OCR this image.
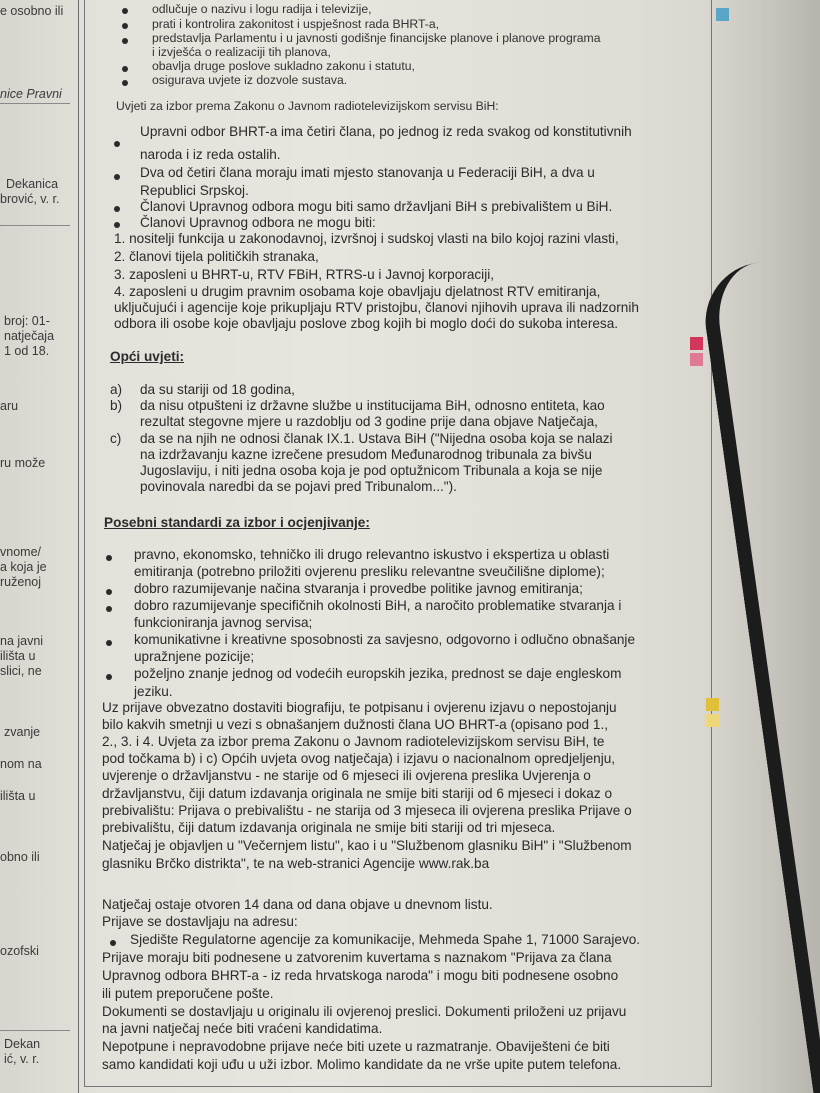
e osobno ili
nice Pravni
Dekanica
brović, v. r.
broj: 01-
natječaja
1 od 18.
aru
ru može
vnome/
a koja je
ruženoj
na javni
ilišta u
slici, ne
zvanje
nom na
ilišta u
obno ili
ozofski
Dekan
ić, v. r.
odlučuje o nazivu i logu radija i televizije,
prati i kontrolira zakonitost i uspješnost rada BHRT-a,
predstavlja Parlamentu i u javnosti godišnje financijske planove i planove programa
i izvješća o realizaciji tih planova,
obavlja druge poslove sukladno zakonu i statutu,
osigurava uvjete iz dozvole sustava.
Uvjeti za izbor prema Zakonu o Javnom radiotelevizijskom servisu BiH:
Upravni odbor BHRT-a ima četiri člana, po jednog iz reda svakog od konstitutivnih
naroda i iz reda ostalih.
Dva od četiri člana moraju imati mjesto stanovanja u Federaciji BiH, a dva u
Republici Srpskoj.
Članovi Upravnog odbora mogu biti samo državljani BiH s prebivalištem u BiH.
Članovi Upravnog odbora ne mogu biti:
1. nositelji funkcija u zakonodavnoj, izvršnoj i sudskoj vlasti na bilo kojoj razini vlasti,
2. članovi tijela političkih stranaka,
3. zaposleni u BHRT-u, RTV FBiH, RTRS-u i Javnoj korporaciji,
4. zaposleni u drugim pravnim osobama koje obavljaju djelatnost RTV emitiranja,
uključujući i agencije koje prikupljaju RTV pristojbu, članovi njihovih uprava ili nadzornih
odbora ili osobe koje obavljaju poslove zbog kojih bi moglo doći do sukoba interesa.
Opći uvjeti:
a) da su stariji od 18 godina,
b) da nisu otpušteni iz državne službe u institucijama BiH, odnosno entiteta, kao
rezultat stegovne mjere u razdoblju od 3 godine prije dana objave Natječaja,
c) da se na njih ne odnosi članak IX.1. Ustava BiH ("Nijedna osoba koja se nalazi
na izdržavanju kazne izrečene presudom Međunarodnog tribunala za bivšu
Jugoslaviju, i niti jedna osoba koja je pod optužnicom Tribunala a koja se nije
povinovala naredbi da se pojavi pred Tribunalom...").
Posebni standardi za izbor i ocjenjivanje:
pravno, ekonomsko, tehničko ili drugo relevantno iskustvo i ekspertiza u oblasti
emitiranja (potrebno priložiti ovjerenu presliku relevantne sveučilišne diplome);
dobro razumijevanje načina stvaranja i provedbe politike javnog emitiranja;
dobro razumijevanje specifičnih okolnosti BiH, a naročito problematike stvaranja i
funkcioniranja javnog servisa;
komunikativne i kreativne sposobnosti za savjesno, odgovorno i odlučno obnašanje
upražnjene pozicije;
poželjno znanje jednog od vodećih europskih jezika, prednost se daje engleskom
jeziku.
Uz prijave obvezatno dostaviti biografiju, te potpisanu i ovjerenu izjavu o nepostojanju
bilo kakvih smetnji u vezi s obnašanjem dužnosti člana UO BHRT-a (opisano pod 1.,
2., 3. i 4. Uvjeta za izbor prema Zakonu o Javnom radiotelevizijskom servisu BiH, te
pod točkama b) i c) Općih uvjeta ovog natječaja) i izjavu o nacionalnom opredjeljenju,
uvjerenje o državljanstvu - ne starije od 6 mjeseci ili ovjerena preslika Uvjerenja o
državljanstvu, čiji datum izdavanja originala ne smije biti stariji od 6 mjeseci i dokaz o
prebivalištu: Prijava o prebivalištu - ne starija od 3 mjeseca ili ovjerena preslika Prijave o
prebivalištu, čiji datum izdavanja originala ne smije biti stariji od tri mjeseca.
Natječaj je objavljen u "Večernjem listu", kao i u "Službenom glasniku BiH" i "Službenom
glasniku Brčko distrikta", te na web-stranici Agencije www.rak.ba
Natječaj ostaje otvoren 14 dana od dana objave u dnevnom listu.
Prijave se dostavljaju na adresu:
Sjedište Regulatorne agencije za komunikacije, Mehmeda Spahe 1, 71000 Sarajevo.
Prijave moraju biti podnesene u zatvorenim kuvertama s naznakom "Prijava za člana
Upravnog odbora BHRT-a - iz reda hrvatskoga naroda" i mogu biti podnesene osobno
ili putem preporučene pošte.
Dokumenti se dostavljaju u originalu ili ovjerenoj preslici. Dokumenti priloženi uz prijavu
na javni natječaj neće biti vraćeni kandidatima.
Nepotpune i nepravodobne prijave neće biti uzete u razmatranje. Obaviješteni će biti
samo kandidati koji uđu u uži izbor. Molimo kandidate da ne vrše upite putem telefona.
